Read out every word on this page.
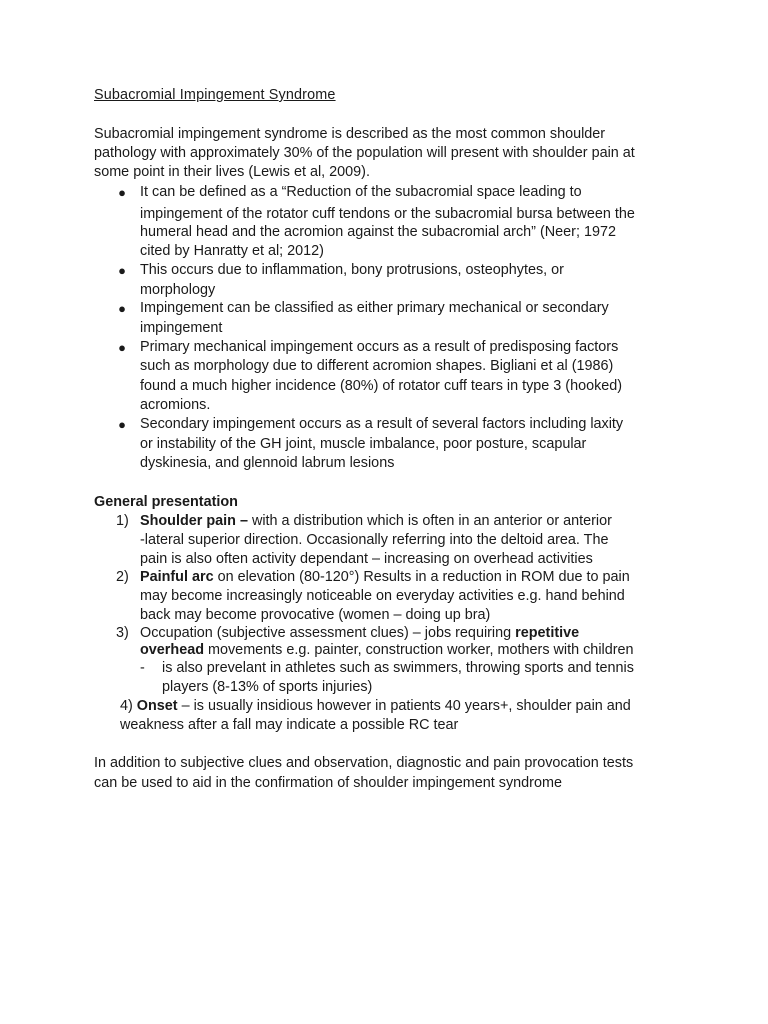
Subacromial Impingement Syndrome
Subacromial impingement syndrome is described as the most common shoulder
pathology with approximately 30% of the population will present with shoulder pain at
some point in their lives (Lewis et al, 2009).
● It can be defined as a “Reduction of the subacromial space leading to
impingement of the rotator cuff tendons or the subacromial bursa between the
humeral head and the acromion against the subacromial arch” (Neer; 1972
cited by Hanratty et al; 2012)
● This occurs due to inflammation, bony protrusions, osteophytes, or
morphology
● Impingement can be classified as either primary mechanical or secondary
impingement
● Primary mechanical impingement occurs as a result of predisposing factors
such as morphology due to different acromion shapes. Bigliani et al (1986)
found a much higher incidence (80%) of rotator cuff tears in type 3 (hooked)
acromions.
● Secondary impingement occurs as a result of several factors including laxity
or instability of the GH joint, muscle imbalance, poor posture, scapular
dyskinesia, and glennoid labrum lesions
General presentation
1) Shoulder pain – with a distribution which is often in an anterior or anterior
-lateral superior direction. Occasionally referring into the deltoid area. The
pain is also often activity dependant – increasing on overhead activities
2) Painful arc on elevation (80-120°) Results in a reduction in ROM due to pain
may become increasingly noticeable on everyday activities e.g. hand behind
back may become provocative (women – doing up bra)
3) Occupation (subjective assessment clues) – jobs requiring repetitive
overhead movements e.g. painter, construction worker, mothers with children
- is also prevelant in athletes such as swimmers, throwing sports and tennis
players (8-13% of sports injuries)
4) Onset – is usually insidious however in patients 40 years+, shoulder pain and
weakness after a fall may indicate a possible RC tear
In addition to subjective clues and observation, diagnostic and pain provocation tests
can be used to aid in the confirmation of shoulder impingement syndrome
